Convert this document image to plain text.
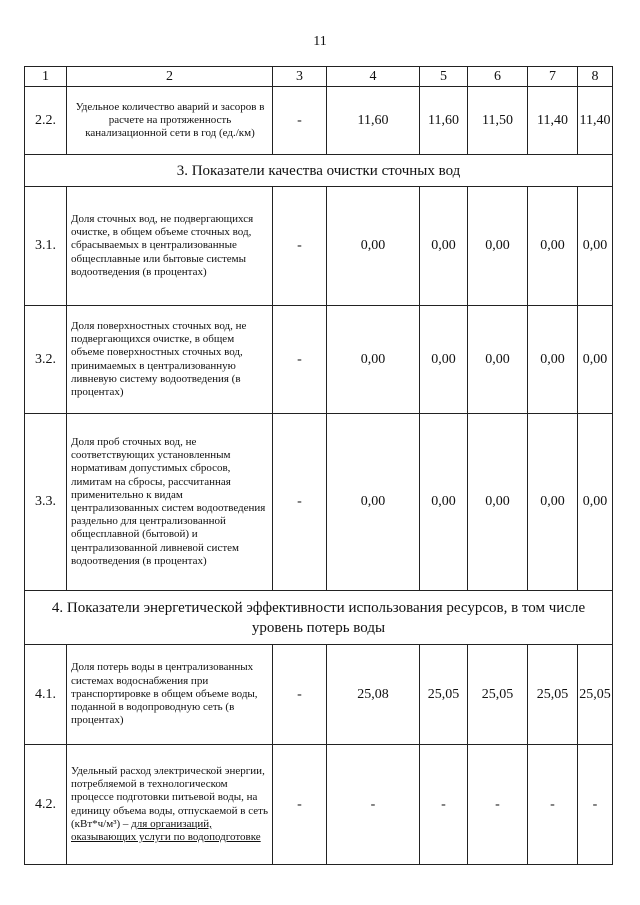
11
1	2	3	4	5	6	7	8
2.2.	Удельное количество аварий и засоров в расчете на протяженность канализационной сети в год (ед./км)	-	11,60	11,60	11,50	11,40	11,40
3. Показатели качества очистки сточных вод							
3.1.	Доля сточных вод, не подвергающихся очистке, в общем объеме сточных вод, сбрасываемых в централизованные общесплавные или бытовые системы водоотведения (в процентах)	-	0,00	0,00	0,00	0,00	0,00
3.2.	Доля поверхностных сточных вод, не подвергающихся очистке, в общем объеме поверхностных сточных вод, принимаемых в централизованную ливневую систему водоотведения (в процентах)	-	0,00	0,00	0,00	0,00	0,00
3.3.	Доля проб сточных вод, не соответствующих установленным нормативам допустимых сбросов, лимитам на сбросы, рассчитанная применительно к видам централизованных систем водоотведения раздельно для централизованной общесплавной (бытовой) и централизованной ливневой систем водоотведения (в процентах)	-	0,00	0,00	0,00	0,00	0,00
4. Показатели энергетической эффективности использования ресурсов, в том числе уровень потерь воды							
4.1.	Доля потерь воды в централизованных системах водоснабжения при транспортировке в общем объеме воды, поданной в водопроводную сеть (в процентах)	-	25,08	25,05	25,05	25,05	25,05
4.2.	Удельный расход электрической энергии, потребляемой в технологическом процессе подготовки питьевой воды, на единицу объема воды, отпускаемой в сеть (кВт*ч/м³) – для организаций, оказывающих услуги по водоподготовке	-	-	-	-	-	-
